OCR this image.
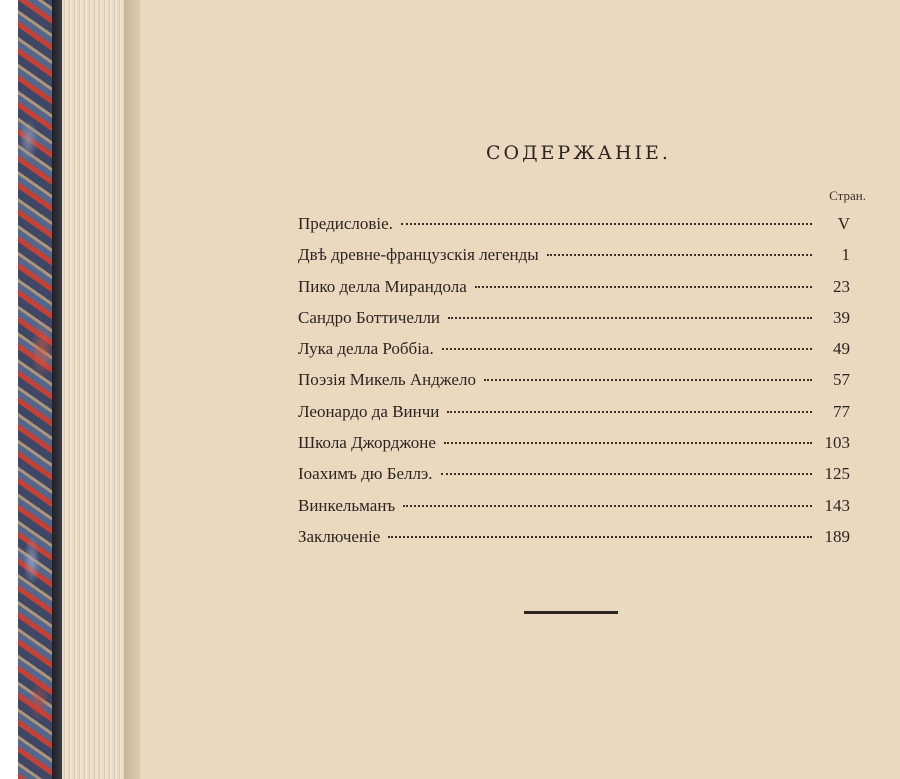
СОДЕРЖАНІЕ.
Стран.
Предисловіе.	V
Двѣ древне-французскія легенды	1
Пико делла Мирандола	23
Сандро Боттичелли	39
Лука делла Роббіа.	49
Поэзія Микель Анджело	57
Леонардо да Винчи	77
Школа Джорджоне	103
Іоахимъ дю Беллэ.	125
Винкельманъ	143
Заключеніе	189
